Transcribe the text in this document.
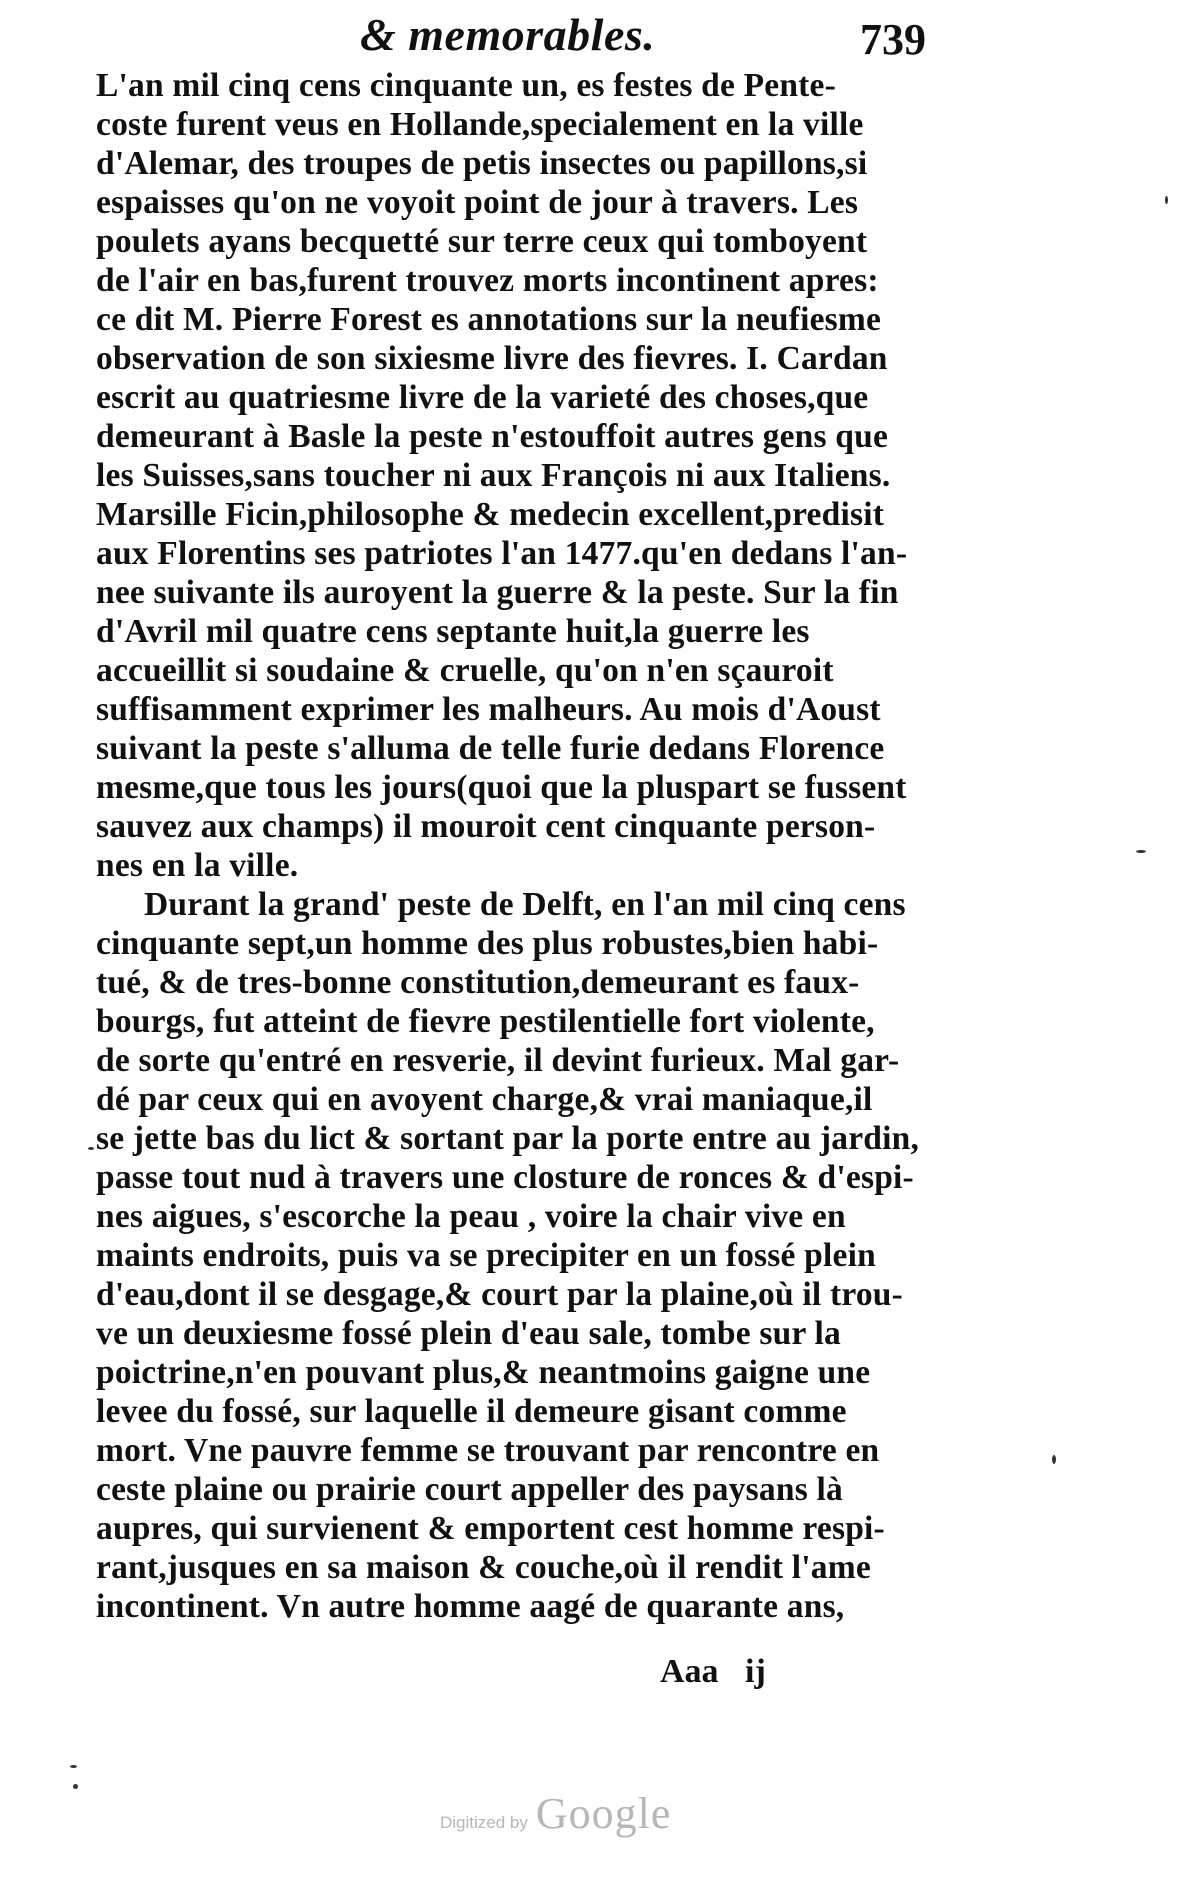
& memorables.	739
L'an mil cinq cens cinquante un, es festes de Pente-
coste furent veus en Hollande,specialement en la ville
d'Alemar, des troupes de petis insectes ou papillons,si
espaisses qu'on ne voyoit point de jour à travers. Les
poulets ayans becquetté sur terre ceux qui tomboyent
de l'air en bas,furent trouvez morts incontinent apres:
ce dit M. Pierre Forest es annotations sur la neufiesme
observation de son sixiesme livre des fievres. I. Cardan
escrit au quatriesme livre de la varieté des choses,que
demeurant à Basle la peste n'estouffoit autres gens que
les Suisses,sans toucher ni aux François ni aux Italiens.
Marsille Ficin,philosophe & medecin excellent,predisit
aux Florentins ses patriotes l'an 1477.qu'en dedans l'an-
nee suivante ils auroyent la guerre & la peste. Sur la fin
d'Avril mil quatre cens septante huit,la guerre les
accueillit si soudaine & cruelle, qu'on n'en sçauroit
suffisamment exprimer les malheurs. Au mois d'Aoust
suivant la peste s'alluma de telle furie dedans Florence
mesme,que tous les jours(quoi que la pluspart se fussent
sauvez aux champs) il mouroit cent cinquante person-
nes en la ville.
Durant la grand' peste de Delft, en l'an mil cinq cens
cinquante sept,un homme des plus robustes,bien habi-
tué, & de tres-bonne constitution,demeurant es faux-
bourgs, fut atteint de fievre pestilentielle fort violente,
de sorte qu'entré en resverie, il devint furieux. Mal gar-
dé par ceux qui en avoyent charge,& vrai maniaque,il
se jette bas du lict & sortant par la porte entre au jardin,
passe tout nud à travers une closture de ronces & d'espi-
nes aigues, s'escorche la peau , voire la chair vive en
maints endroits, puis va se precipiter en un fossé plein
d'eau,dont il se desgage,& court par la plaine,où il trou-
ve un deuxiesme fossé plein d'eau sale, tombe sur la
poictrine,n'en pouvant plus,& neantmoins gaigne une
levee du fossé, sur laquelle il demeure gisant comme
mort. Vne pauvre femme se trouvant par rencontre en
ceste plaine ou prairie court appeller des paysans là
aupres, qui survienent & emportent cest homme respi-
rant,jusques en sa maison & couche,où il rendit l'ame
incontinent. Vn autre homme aagé de quarante ans,
Aaa ij
Digitized by Google
